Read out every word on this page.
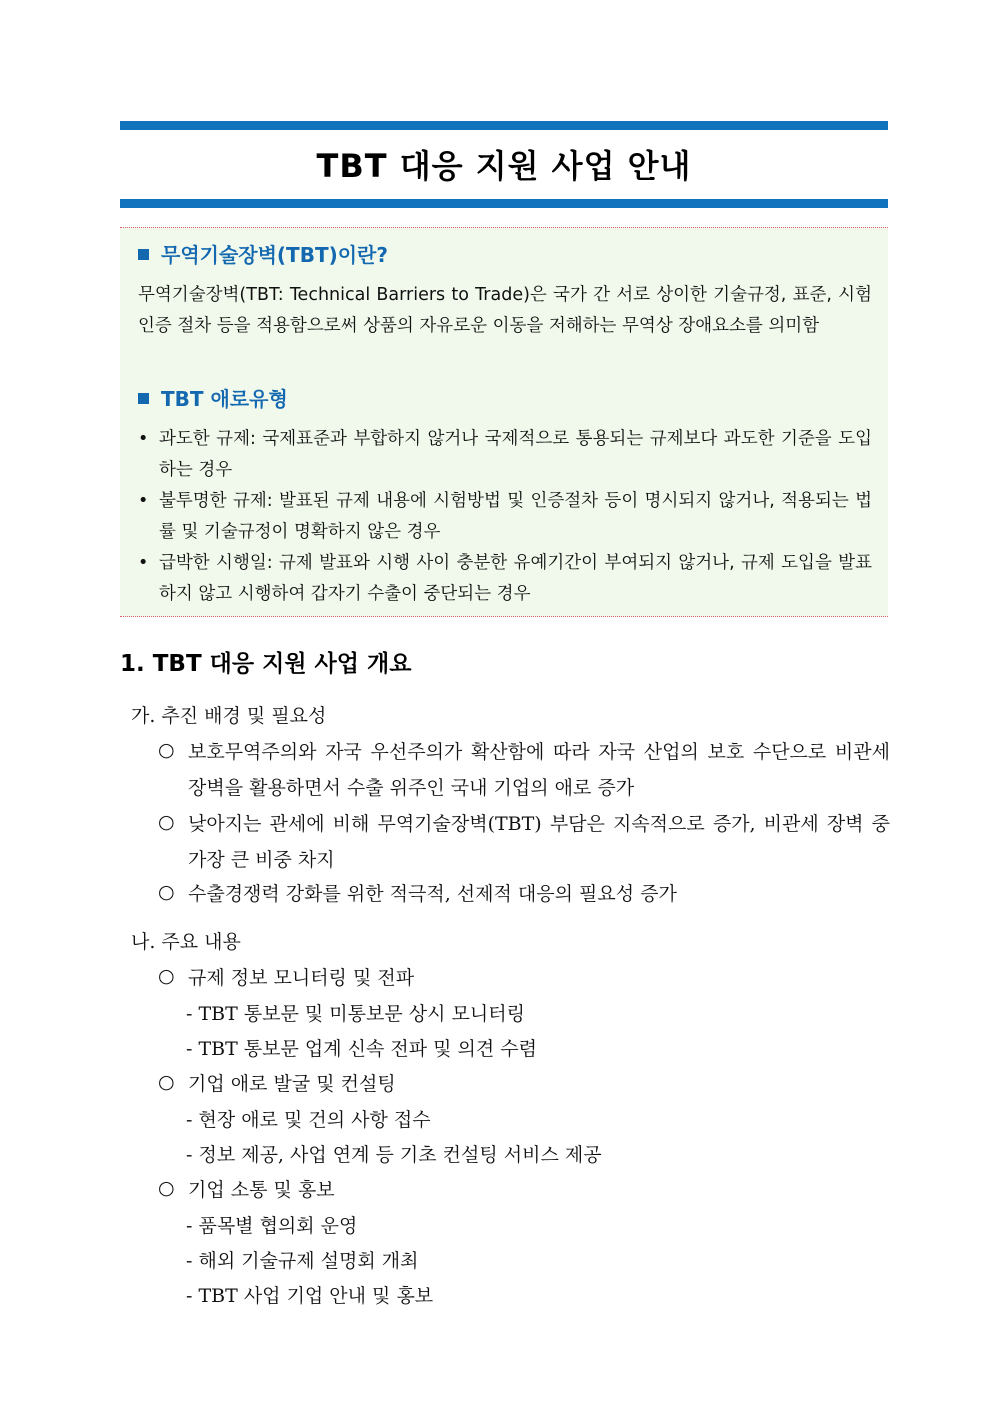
TBT 대응 지원 사업 안내
무역기술장벽(TBT)이란?
무역기술장벽(TBT: Technical Barriers to Trade)은 국가 간 서로 상이한 기술규정, 표준, 시험인증 절차 등을 적용함으로써 상품의 자유로운 이동을 저해하는 무역상 장애요소를 의미함
TBT 애로유형
• 과도한 규제: 국제표준과 부합하지 않거나 국제적으로 통용되는 규제보다 과도한 기준을 도입하는 경우
• 불투명한 규제: 발표된 규제 내용에 시험방법 및 인증절차 등이 명시되지 않거나, 적용되는 법률 및 기술규정이 명확하지 않은 경우
• 급박한 시행일: 규제 발표와 시행 사이 충분한 유예기간이 부여되지 않거나, 규제 도입을 발표하지 않고 시행하여 갑자기 수출이 중단되는 경우
1. TBT 대응 지원 사업 개요
가. 추진 배경 및 필요성
○ 보호무역주의와 자국 우선주의가 확산함에 따라 자국 산업의 보호 수단으로 비관세 장벽을 활용하면서 수출 위주인 국내 기업의 애로 증가
○ 낮아지는 관세에 비해 무역기술장벽(TBT) 부담은 지속적으로 증가, 비관세 장벽 중 가장 큰 비중 차지
○ 수출경쟁력 강화를 위한 적극적, 선제적 대응의 필요성 증가
나. 주요 내용
○ 규제 정보 모니터링 및 전파
- TBT 통보문 및 미통보문 상시 모니터링
- TBT 통보문 업계 신속 전파 및 의견 수렴
○ 기업 애로 발굴 및 컨설팅
- 현장 애로 및 건의 사항 접수
- 정보 제공, 사업 연계 등 기초 컨설팅 서비스 제공
○ 기업 소통 및 홍보
- 품목별 협의회 운영
- 해외 기술규제 설명회 개최
- TBT 사업 기업 안내 및 홍보
